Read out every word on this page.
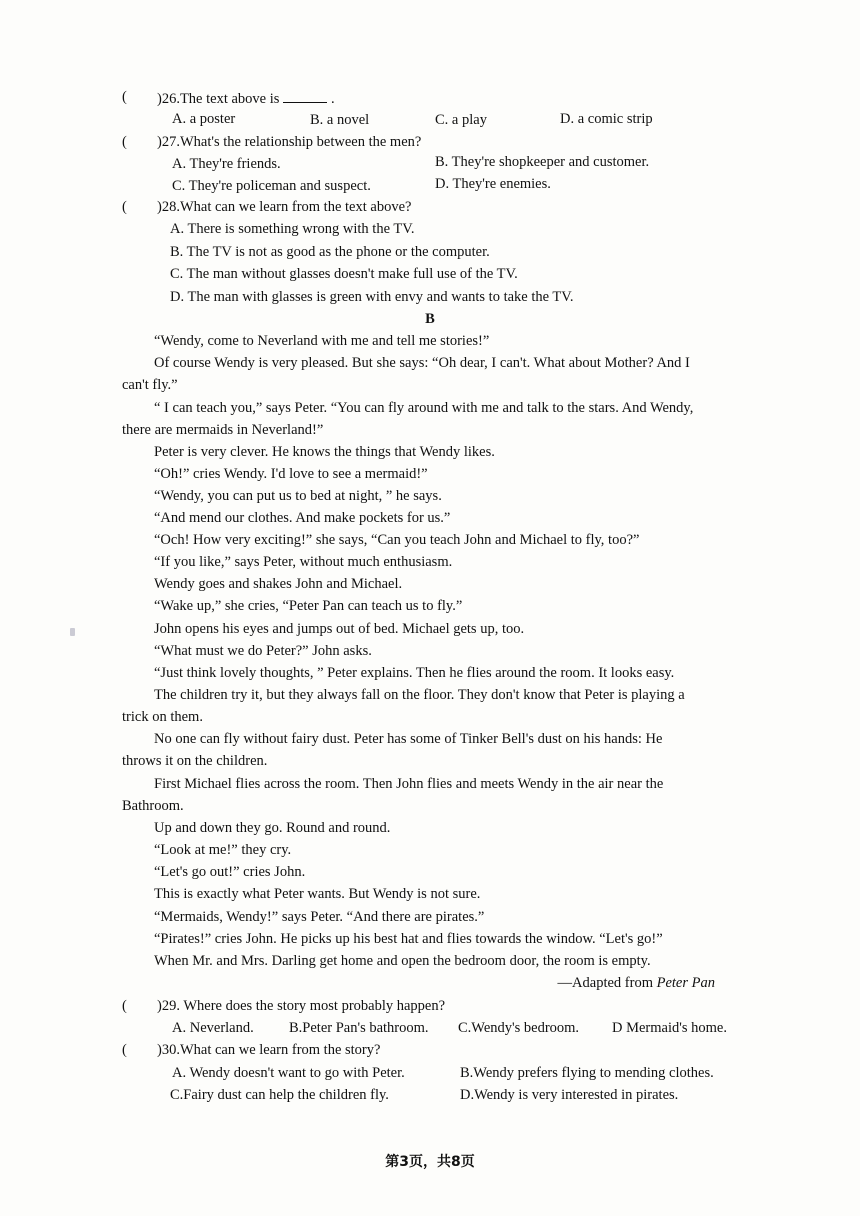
( )26.The text above is	.
A. a poster	B. a novel	C. a play	D. a comic strip
( )27.What's the relationship between the men?
A. They're friends.	B. They're shopkeeper and customer.
C. They're policeman and suspect.	D. They're enemies.
( )28.What can we learn from the text above?
A. There is something wrong with the TV.
B. The TV is not as good as the phone or the computer.
C. The man without glasses doesn't make full use of the TV.
D. The man with glasses is green with envy and wants to take the TV.
B
“Wendy, come to Neverland with me and tell me stories!”
Of course Wendy is very pleased. But she says: “Oh dear, I can't. What about Mother? And I
can't fly.”
“ I can teach you,” says Peter. “You can fly around with me and talk to the stars. And Wendy,
there are mermaids in Neverland!”
Peter is very clever. He knows the things that Wendy likes.
“Oh!” cries Wendy. I'd love to see a mermaid!”
“Wendy, you can put us to bed at night, ” he says.
“And mend our clothes. And make pockets for us.”
“Och! How very exciting!” she says, “Can you teach John and Michael to fly, too?”
“If you like,” says Peter, without much enthusiasm.
Wendy goes and shakes John and Michael.
“Wake up,” she cries, “Peter Pan can teach us to fly.”
John opens his eyes and jumps out of bed. Michael gets up, too.
“What must we do Peter?” John asks.
“Just think lovely thoughts, ” Peter explains. Then he flies around the room. It looks easy.
The children try it, but they always fall on the floor. They don't know that Peter is playing a
trick on them.
No one can fly without fairy dust. Peter has some of Tinker Bell's dust on his hands: He
throws it on the children.
First Michael flies across the room. Then John flies and meets Wendy in the air near the
Bathroom.
Up and down they go. Round and round.
“Look at me!” they cry.
“Let's go out!” cries John.
This is exactly what Peter wants. But Wendy is not sure.
“Mermaids, Wendy!” says Peter. “And there are pirates.”
“Pirates!” cries John. He picks up his best hat and flies towards the window. “Let's go!”
When Mr. and Mrs. Darling get home and open the bedroom door, the room is empty.
—Adapted from Peter Pan
( )29. Where does the story most probably happen?
A. Neverland. B.Peter Pan's bathroom. C.Wendy's bedroom. D Mermaid's home.
( )30.What can we learn from the story?
A. Wendy doesn't want to go with Peter.	B.Wendy prefers flying to mending clothes.
C.Fairy dust can help the children fly.	D.Wendy is very interested in pirates.
第3页，共8页
